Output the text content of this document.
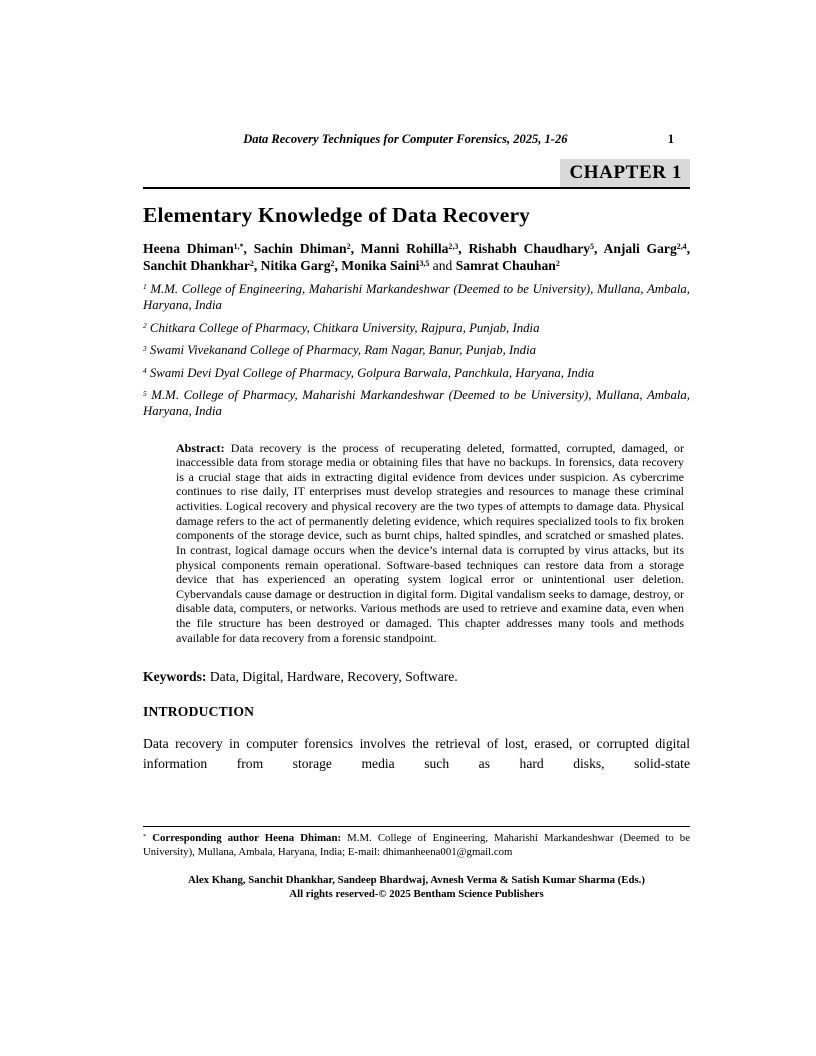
Data Recovery Techniques for Computer Forensics, 2025, 1-26	1
CHAPTER 1
Elementary Knowledge of Data Recovery

Heena Dhiman$^{1,*}$, Sachin Dhiman$^2$, Manni Rohilla$^{2,3}$, Rishabh Chaudhary$^5$, Anjali Garg$^{2,4}$, Sanchit Dhankhar$^2$, Nitika Garg$^2$, Monika Saini$^{3,5}$ and Samrat Chauhan$^2$

$^1$ M.M. College of Engineering, Maharishi Markandeshwar (Deemed to be University), Mullana, Ambala, Haryana, India

$^2$ Chitkara College of Pharmacy, Chitkara University, Rajpura, Punjab, India

$^3$ Swami Vivekanand College of Pharmacy, Ram Nagar, Banur, Punjab, India

$^4$ Swami Devi Dyal College of Pharmacy, Golpura Barwala, Panchkula, Haryana, India

$^5$ M.M. College of Pharmacy, Maharishi Markandeshwar (Deemed to be University), Mullana, Ambala, Haryana, India

Abstract: Data recovery is the process of recuperating deleted, formatted, corrupted, damaged, or inaccessible data from storage media or obtaining files that have no backups. In forensics, data recovery is a crucial stage that aids in extracting digital evidence from devices under suspicion. As cybercrime continues to rise daily, IT enterprises must develop strategies and resources to manage these criminal activities. Logical recovery and physical recovery are the two types of attempts to damage data. Physical damage refers to the act of permanently deleting evidence, which requires specialized tools to fix broken components of the storage device, such as burnt chips, halted spindles, and scratched or smashed plates. In contrast, logical damage occurs when the device’s internal data is corrupted by virus attacks, but its physical components remain operational. Software-based techniques can restore data from a storage device that has experienced an operating system logical error or unintentional user deletion. Cybervandals cause damage or destruction in digital form. Digital vandalism seeks to damage, destroy, or disable data, computers, or networks. Various methods are used to retrieve and examine data, even when the file structure has been destroyed or damaged. This chapter addresses many tools and methods available for data recovery from a forensic standpoint.

Keywords: Data, Digital, Hardware, Recovery, Software.

INTRODUCTION

Data recovery in computer forensics involves the retrieval of lost, erased, or corrupted digital information from storage media such as hard disks, solid-state

* Corresponding author Heena Dhiman: M.M. College of Engineering, Maharishi Markandeshwar (Deemed to be University), Mullana, Ambala, Haryana, India; E-mail: dhimanheena001@gmail.com

Alex Khang, Sanchit Dhankhar, Sandeep Bhardwaj, Avnesh Verma & Satish Kumar Sharma (Eds.)

All rights reserved-© 2025 Bentham Science Publishers
